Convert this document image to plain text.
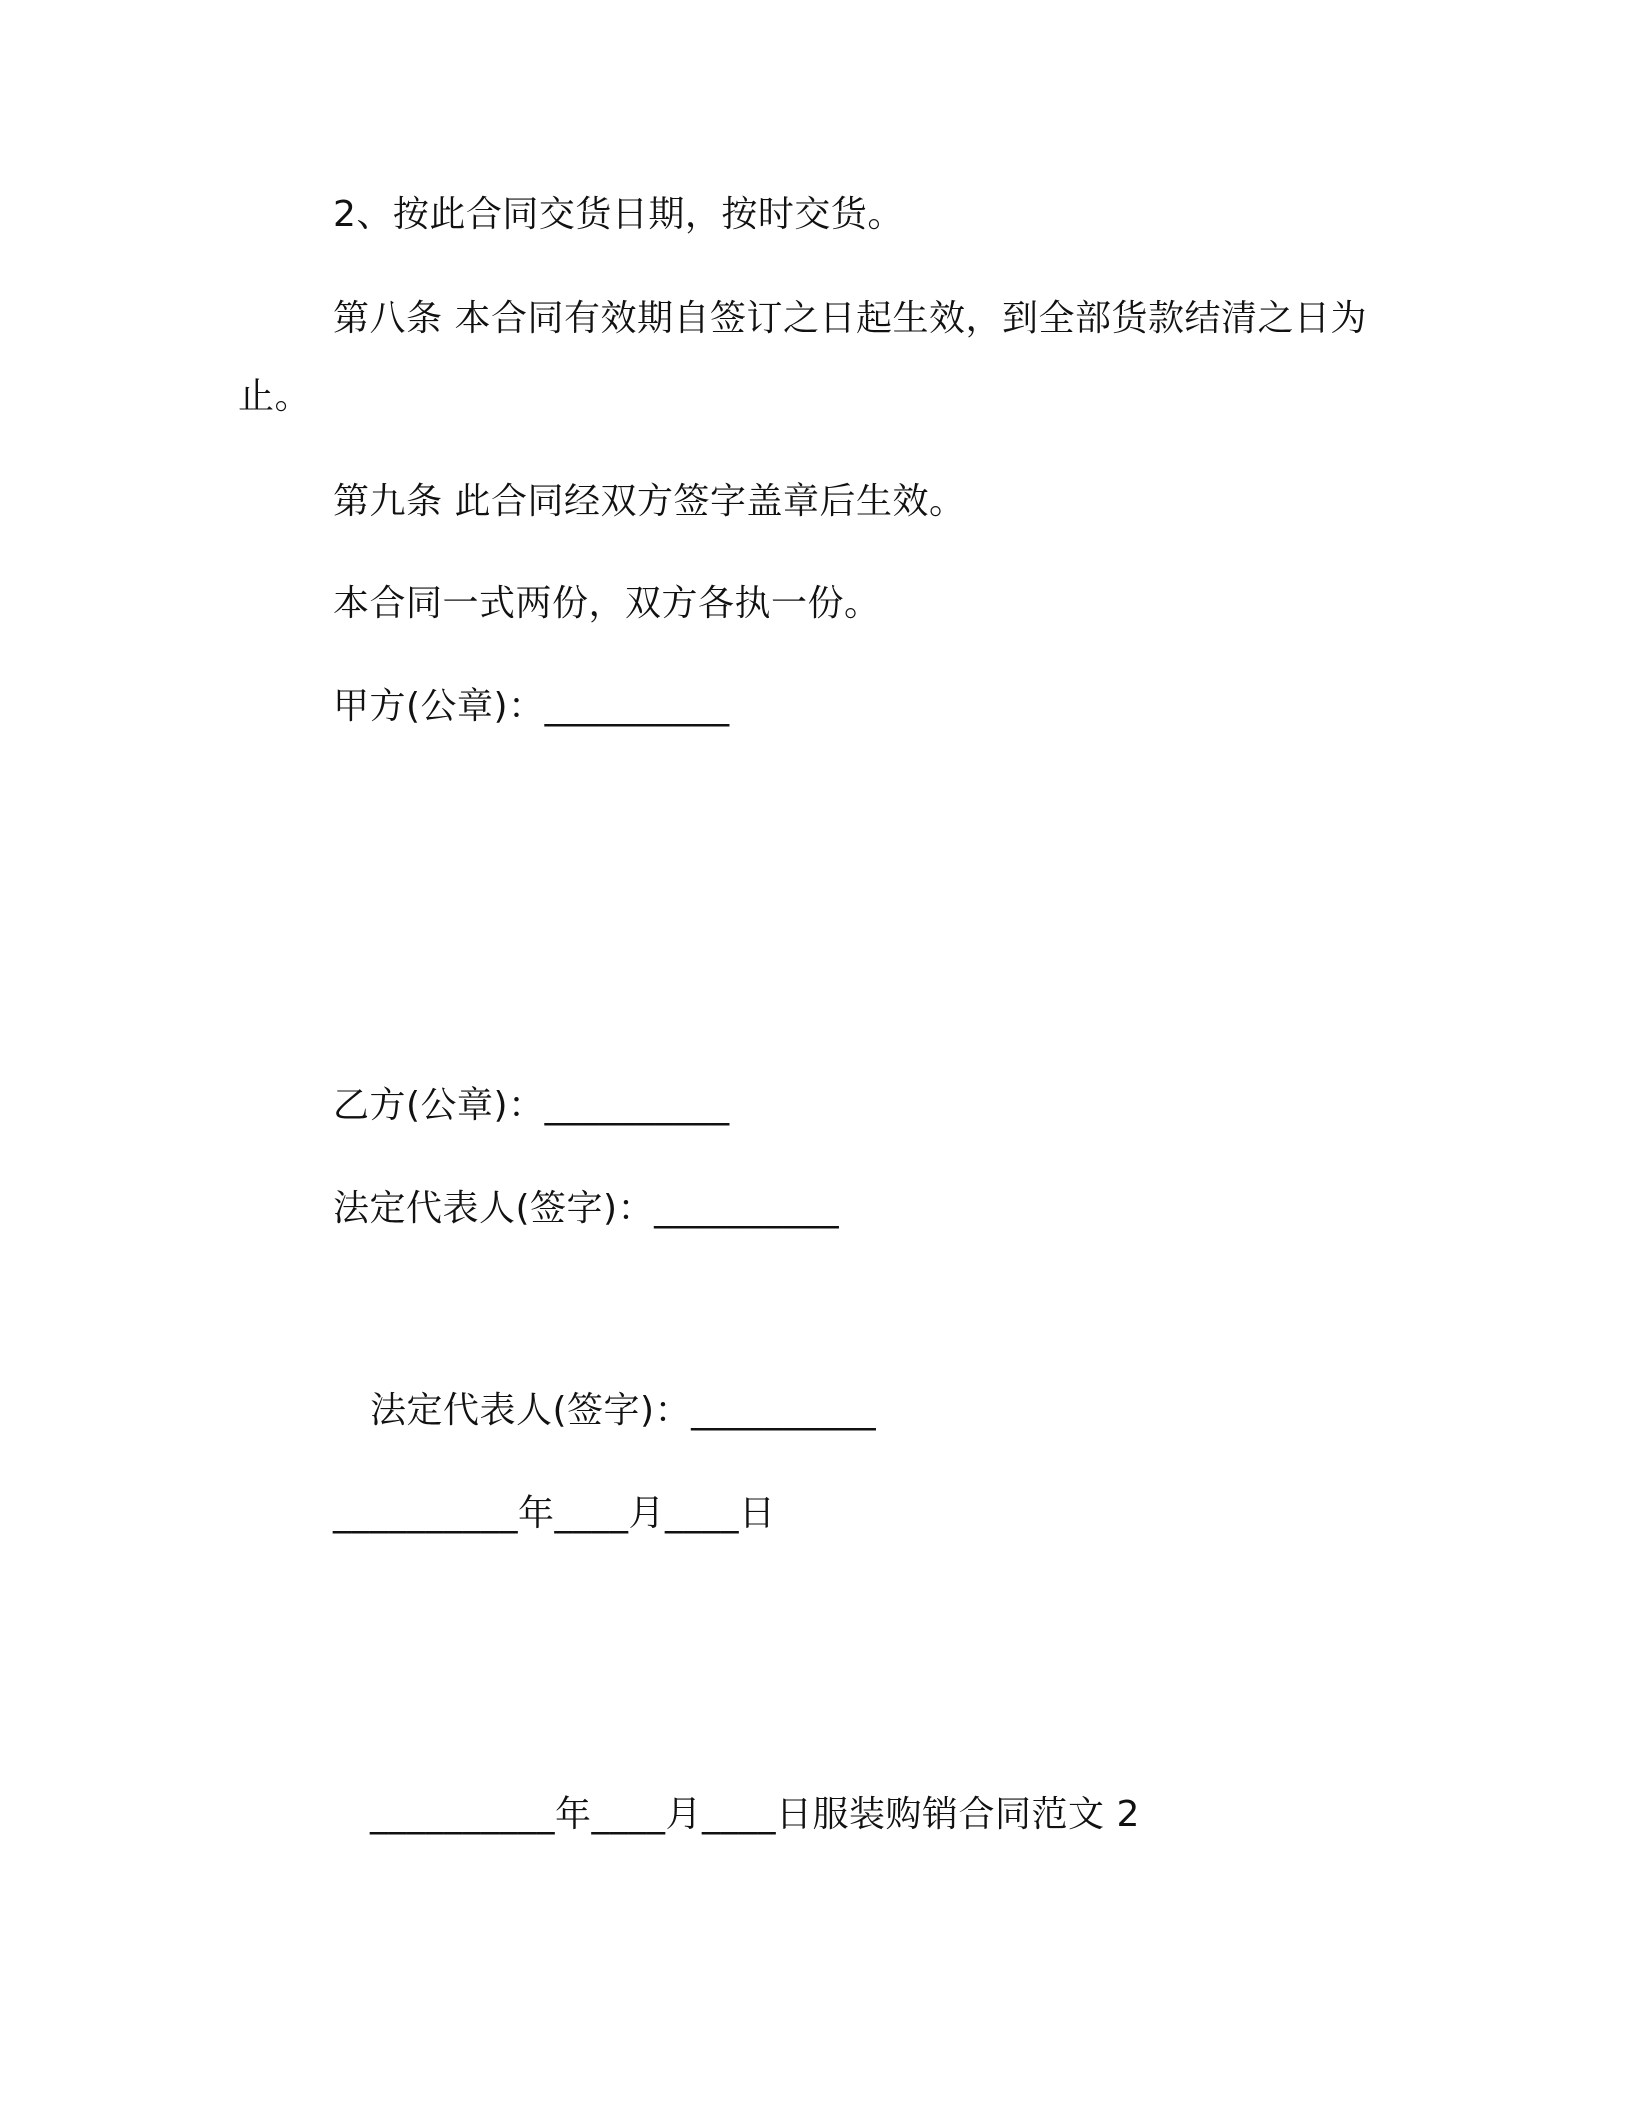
2、按此合同交货日期，按时交货。
第八条 本合同有效期自签订之日起生效，到全部货款结清之日为
止。
第九条 此合同经双方签字盖章后生效。
本合同一式两份，双方各执一份。
甲方(公章)：__________
乙方(公章)：__________
法定代表人(签字)：__________
法定代表人(签字)：__________
__________年____月____日
__________年____月____日服装购销合同范文 2
